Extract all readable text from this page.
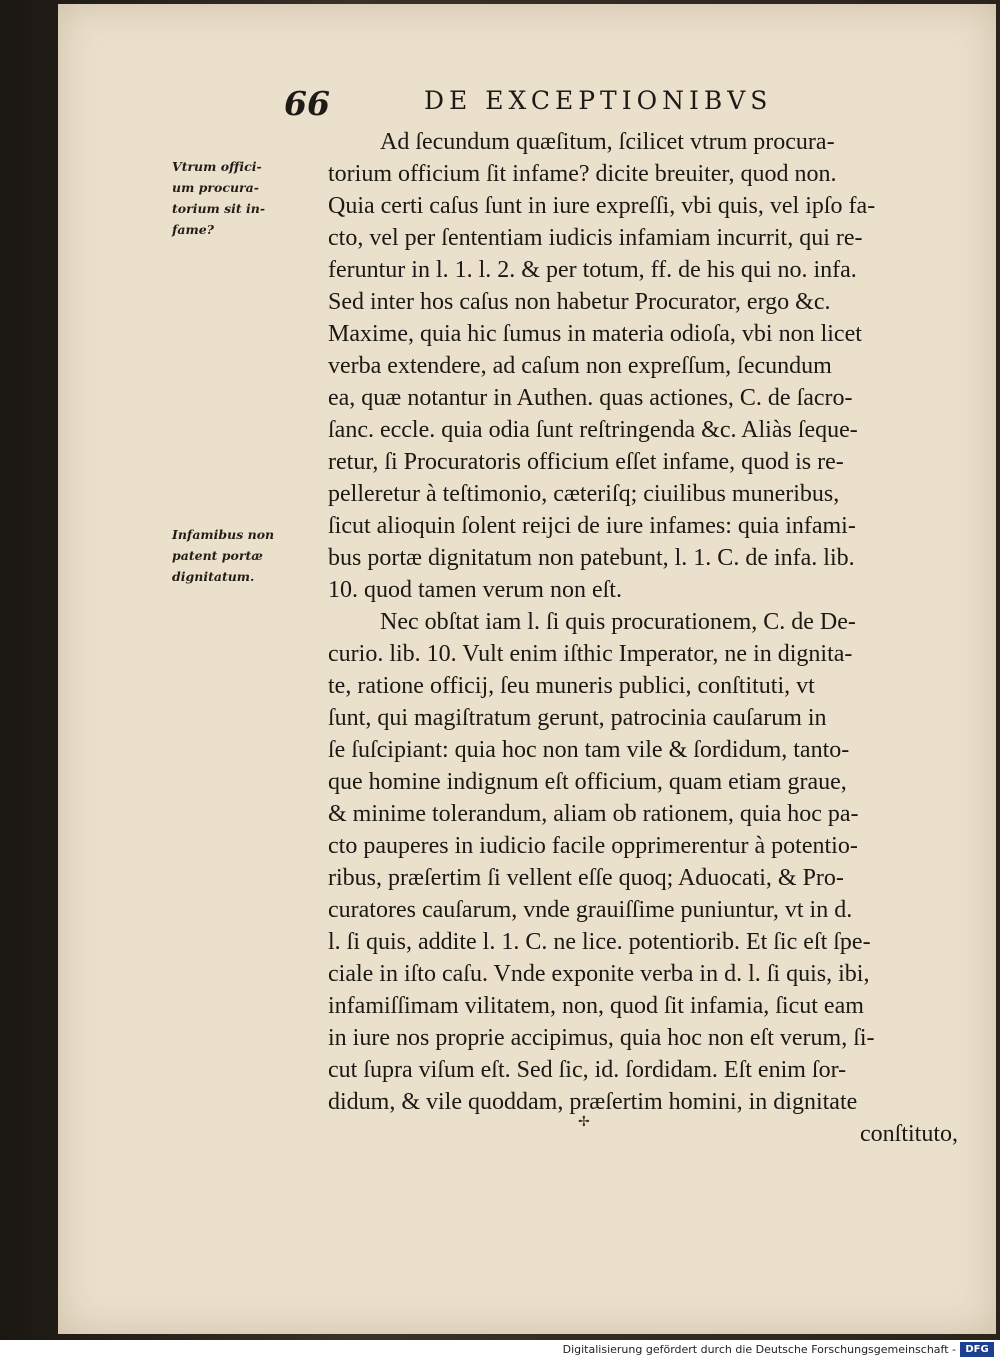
66	DE EXCEPTIONIBVS
Vtrum offici-
um procura-
torium sit in-
fame?
Infamibus non
patent portæ
dignitatum.
Ad ſecundum quæſitum, ſcilicet vtrum procura-
torium officium ſit infame? dicite breuiter, quod non.
Quia certi caſus ſunt in iure expreſſi, vbi quis, vel ipſo fa-
cto, vel per ſententiam iudicis infamiam incurrit, qui re-
feruntur in l. 1. l. 2. & per totum, ff. de his qui no. infa.
Sed inter hos caſus non habetur Procurator, ergo &c.
Maxime, quia hic ſumus in materia odioſa, vbi non licet
verba extendere, ad caſum non expreſſum, ſecundum
ea, quæ notantur in Authen. quas actiones, C. de ſacro-
ſanc. eccle. quia odia ſunt reſtringenda &c. Aliàs ſeque-
retur, ſi Procuratoris officium eſſet infame, quod is re-
pelleretur à teſtimonio, cæteriſq; ciuilibus muneribus,
ſicut alioquin ſolent reijci de iure infames: quia infami-
bus portæ dignitatum non patebunt, l. 1. C. de infa. lib.
10. quod tamen verum non eſt.
Nec obſtat iam l. ſi quis procurationem, C. de De-
curio. lib. 10. Vult enim iſthic Imperator, ne in dignita-
te, ratione officij, ſeu muneris publici, conſtituti, vt
ſunt, qui magiſtratum gerunt, patrocinia cauſarum in
ſe ſuſcipiant: quia hoc non tam vile & ſordidum, tanto-
que homine indignum eſt officium, quam etiam graue,
& minime tolerandum, aliam ob rationem, quia hoc pa-
cto pauperes in iudicio facile opprimerentur à potentio-
ribus, præſertim ſi vellent eſſe quoq; Aduocati, & Pro-
curatores cauſarum, vnde grauiſſime puniuntur, vt in d.
l. ſi quis, addite l. 1. C. ne lice. potentiorib. Et ſic eſt ſpe-
ciale in iſto caſu. Vnde exponite verba in d. l. ſi quis, ibi,
infamiſſimam vilitatem, non, quod ſit infamia, ſicut eam
in iure nos proprie accipimus, quia hoc non eſt verum, ſi-
cut ſupra viſum eſt. Sed ſic, id. ſordidam. Eſt enim ſor-
didum, & vile quoddam, præſertim homini, in dignitate
conſtituto,
✢
Digitalisierung gefördert durch die Deutsche Forschungsgemeinschaft - DFG
